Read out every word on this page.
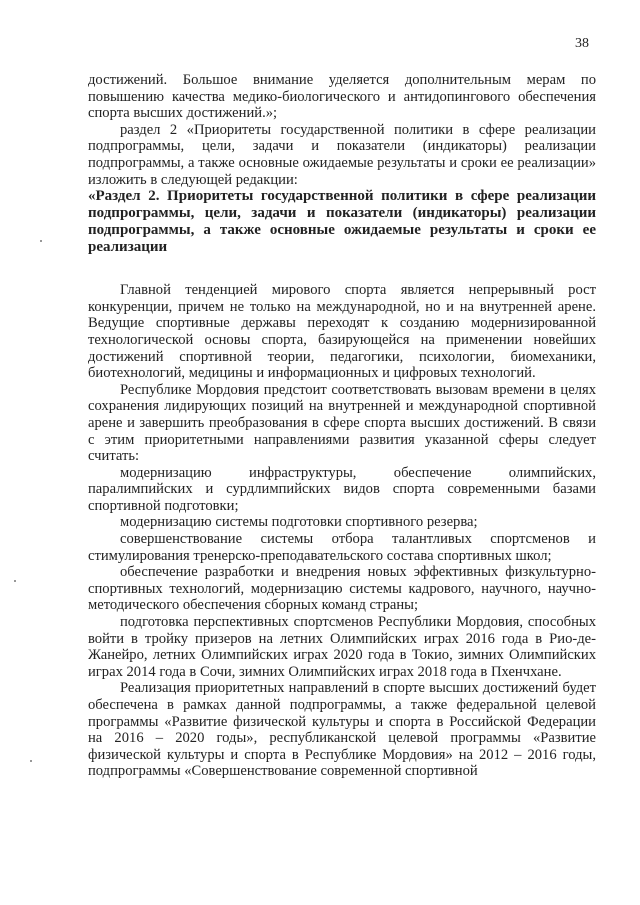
38

достижений. Большое внимание уделяется дополнительным мерам по повышению качества медико-биологического и антидопингового обеспечения спорта высших достижений.»;

раздел 2 «Приоритеты государственной политики в сфере реализации подпрограммы, цели, задачи и показатели (индикаторы) реализации подпрограммы, а также основные ожидаемые результаты и сроки ее реализации» изложить в следующей редакции:

«Раздел 2. Приоритеты государственной политики в сфере реализации подпрограммы, цели, задачи и показатели (индикаторы) реализации подпрограммы, а также основные ожидаемые результаты и сроки ее реализации

Главной тенденцией мирового спорта является непрерывный рост конкуренции, причем не только на международной, но и на внутренней арене. Ведущие спортивные державы переходят к созданию модернизированной технологической основы спорта, базирующейся на применении новейших достижений спортивной теории, педагогики, психологии, биомеханики, биотехнологий, медицины и информационных и цифровых технологий.

Республике Мордовия предстоит соответствовать вызовам времени в целях сохранения лидирующих позиций на внутренней и международной спортивной арене и завершить преобразования в сфере спорта высших достижений. В связи с этим приоритетными направлениями развития указанной сферы следует считать:

модернизацию инфраструктуры, обеспечение олимпийских, паралимпийских и сурдлимпийских видов спорта современными базами спортивной подготовки;

модернизацию системы подготовки спортивного резерва;

совершенствование системы отбора талантливых спортсменов и стимулирования тренерско-преподавательского состава спортивных школ;

обеспечение разработки и внедрения новых эффективных физкультурно-спортивных технологий, модернизацию системы кадрового, научного, научно-методического обеспечения сборных команд страны;

подготовка перспективных спортсменов Республики Мордовия, способных войти в тройку призеров на летних Олимпийских играх 2016 года в Рио-де-Жанейро, летних Олимпийских играх 2020 года в Токио, зимних Олимпийских играх 2014 года в Сочи, зимних Олимпийских играх 2018 года в Пхенчхане.

Реализация приоритетных направлений в спорте высших достижений будет обеспечена в рамках данной подпрограммы, а также федеральной целевой программы «Развитие физической культуры и спорта в Российской Федерации на 2016 – 2020 годы», республиканской целевой программы «Развитие физической культуры и спорта в Республике Мордовия» на 2012 – 2016 годы, подпрограммы «Совершенствование современной спортивной
